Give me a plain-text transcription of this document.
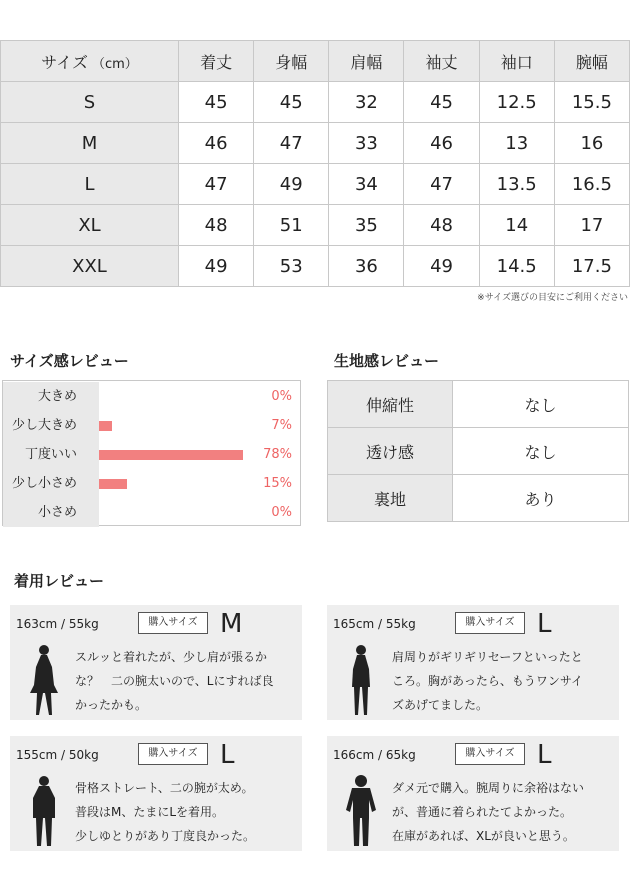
サイズ （cm）	着丈	身幅	肩幅	袖丈	袖口	腕幅
S	45	45	32	45	12.5	15.5
M	46	47	33	46	13	16
L	47	49	34	47	13.5	16.5
XL	48	51	35	48	14	17
XXL	49	53	36	49	14.5	17.5
※サイズ選びの目安にご利用ください
サイズ感レビュー
大きめ	0%
少し大きめ	7%
丁度いい	78%
少し小さめ	15%
小さめ	0%
生地感レビュー
伸縮性	なし
透け感	なし
裏地	あり
着用レビュー
163cm / 55kg	購入サイズ M
スルッと着れたが、少し肩が張るか
な？　二の腕太いので、Lにすれば良
かったかも。
165cm / 55kg	購入サイズ L
肩周りがギリギリセーフといったと
ころ。胸があったら、もうワンサイ
ズあげてました。
155cm / 50kg	購入サイズ L
骨格ストレート、二の腕が太め。
普段はM、たまにLを着用。
少しゆとりがあり丁度良かった。
166cm / 65kg	購入サイズ L
ダメ元で購入。腕周りに余裕はない
が、普通に着られたてよかった。
在庫があれば、XLが良いと思う。
